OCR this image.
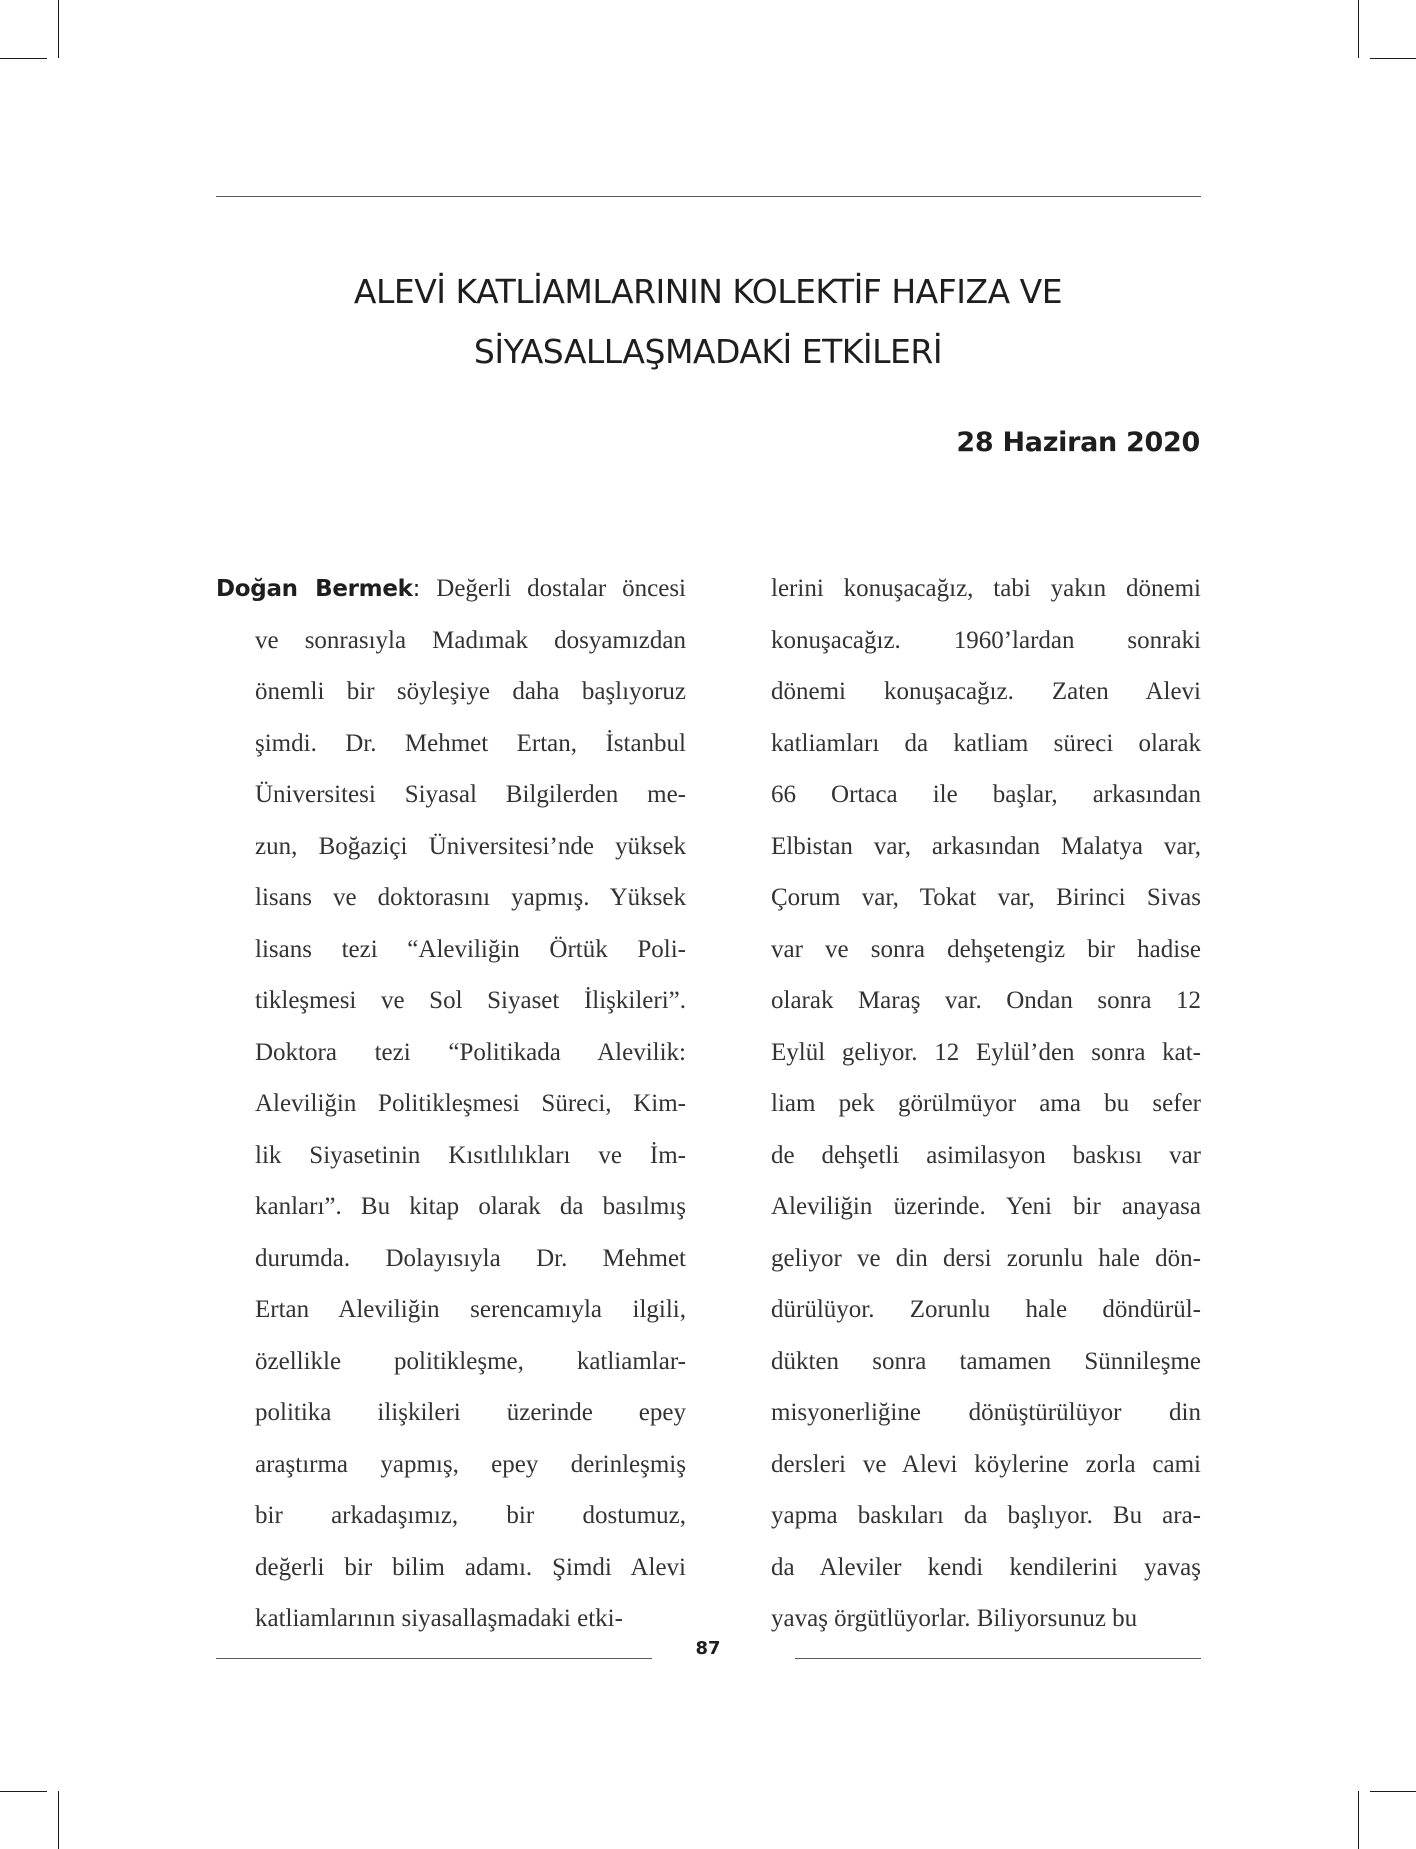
ALEVİ KATLİAMLARININ KOLEKTİF HAFIZA VE
SİYASALLAŞMADAKİ ETKİLERİ
28 Haziran 2020
Doğan Bermek: Değerli dostalar öncesi
ve sonrasıyla Madımak dosyamızdan
önemli bir söyleşiye daha başlıyoruz
şimdi. Dr. Mehmet Ertan, İstanbul
Üniversitesi Siyasal Bilgilerden me-
zun, Boğaziçi Üniversitesi’nde yüksek
lisans ve doktorasını yapmış. Yüksek
lisans tezi “Aleviliğin Örtük Poli-
tikleşmesi ve Sol Siyaset İlişkileri”.
Doktora tezi “Politikada Alevilik:
Aleviliğin Politikleşmesi Süreci, Kim-
lik Siyasetinin Kısıtlılıkları ve İm-
kanları”. Bu kitap olarak da basılmış
durumda. Dolayısıyla Dr. Mehmet
Ertan Aleviliğin serencamıyla ilgili,
özellikle politikleşme, katliamlar-
politika ilişkileri üzerinde epey
araştırma yapmış, epey derinleşmiş
bir arkadaşımız, bir dostumuz,
değerli bir bilim adamı. Şimdi Alevi
katliamlarının siyasallaşmadaki etki-
lerini konuşacağız, tabi yakın dönemi
konuşacağız. 1960’lardan sonraki
dönemi konuşacağız. Zaten Alevi
katliamları da katliam süreci olarak
66 Ortaca ile başlar, arkasından
Elbistan var, arkasından Malatya var,
Çorum var, Tokat var, Birinci Sivas
var ve sonra dehşetengiz bir hadise
olarak Maraş var. Ondan sonra 12
Eylül geliyor. 12 Eylül’den sonra kat-
liam pek görülmüyor ama bu sefer
de dehşetli asimilasyon baskısı var
Aleviliğin üzerinde. Yeni bir anayasa
geliyor ve din dersi zorunlu hale dön-
dürülüyor. Zorunlu hale döndürül-
dükten sonra tamamen Sünnileşme
misyonerliğine dönüştürülüyor din
dersleri ve Alevi köylerine zorla cami
yapma baskıları da başlıyor. Bu ara-
da Aleviler kendi kendilerini yavaş
yavaş örgütlüyorlar. Biliyorsunuz bu
87
